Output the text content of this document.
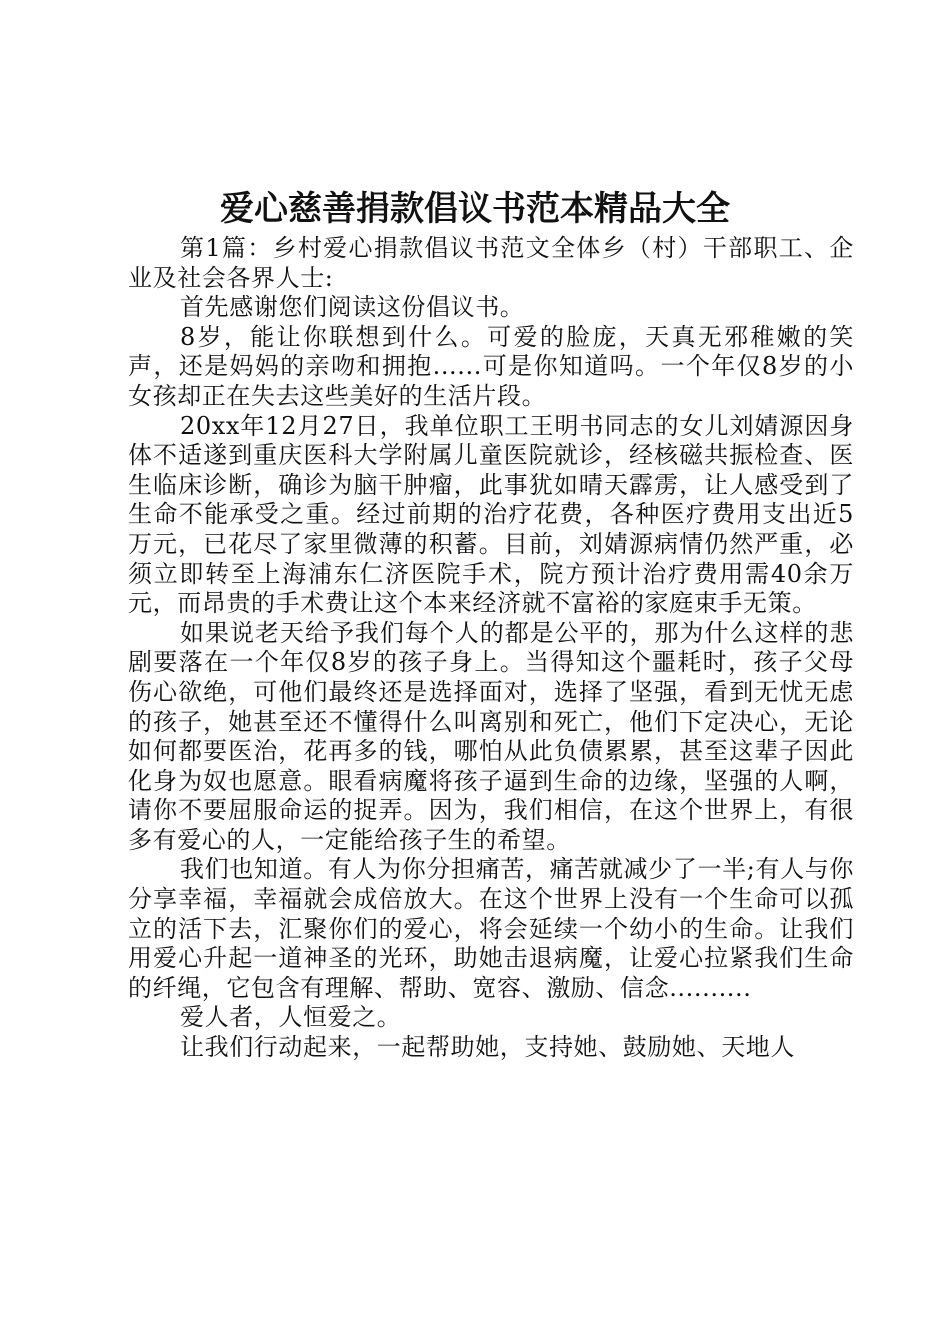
爱心慈善捐款倡议书范本精品大全

第1篇：乡村爱心捐款倡议书范文全体乡（村）干部职工、企业及社会各界人士:

首先感谢您们阅读这份倡议书。

8岁，能让你联想到什么。可爱的脸庞，天真无邪稚嫩的笑声，还是妈妈的亲吻和拥抱......可是你知道吗。一个年仅8岁的小女孩却正在失去这些美好的生活片段。

20xx年12月27日，我单位职工王明书同志的女儿刘婧源因身体不适遂到重庆医科大学附属儿童医院就诊，经核磁共振检查、医生临床诊断，确诊为脑干肿瘤，此事犹如晴天霹雳，让人感受到了生命不能承受之重。经过前期的治疗花费，各种医疗费用支出近5万元，已花尽了家里微薄的积蓄。目前，刘婧源病情仍然严重，必须立即转至上海浦东仁济医院手术，院方预计治疗费用需40余万元，而昂贵的手术费让这个本来经济就不富裕的家庭束手无策。

如果说老天给予我们每个人的都是公平的，那为什么这样的悲剧要落在一个年仅8岁的孩子身上。当得知这个噩耗时，孩子父母伤心欲绝，可他们最终还是选择面对，选择了坚强，看到无忧无虑的孩子，她甚至还不懂得什么叫离别和死亡，他们下定决心，无论如何都要医治，花再多的钱，哪怕从此负债累累，甚至这辈子因此化身为奴也愿意。眼看病魔将孩子逼到生命的边缘，坚强的人啊，请你不要屈服命运的捉弄。因为，我们相信，在这个世界上，有很多有爱心的人，一定能给孩子生的希望。

我们也知道。有人为你分担痛苦，痛苦就减少了一半;有人与你分享幸福，幸福就会成倍放大。在这个世界上没有一个生命可以孤立的活下去，汇聚你们的爱心，将会延续一个幼小的生命。让我们用爱心升起一道神圣的光环，助她击退病魔，让爱心拉紧我们生命的纤绳，它包含有理解、帮助、宽容、激励、信念..........

爱人者，人恒爱之。

让我们行动起来，一起帮助她，支持她、鼓励她、天地人
